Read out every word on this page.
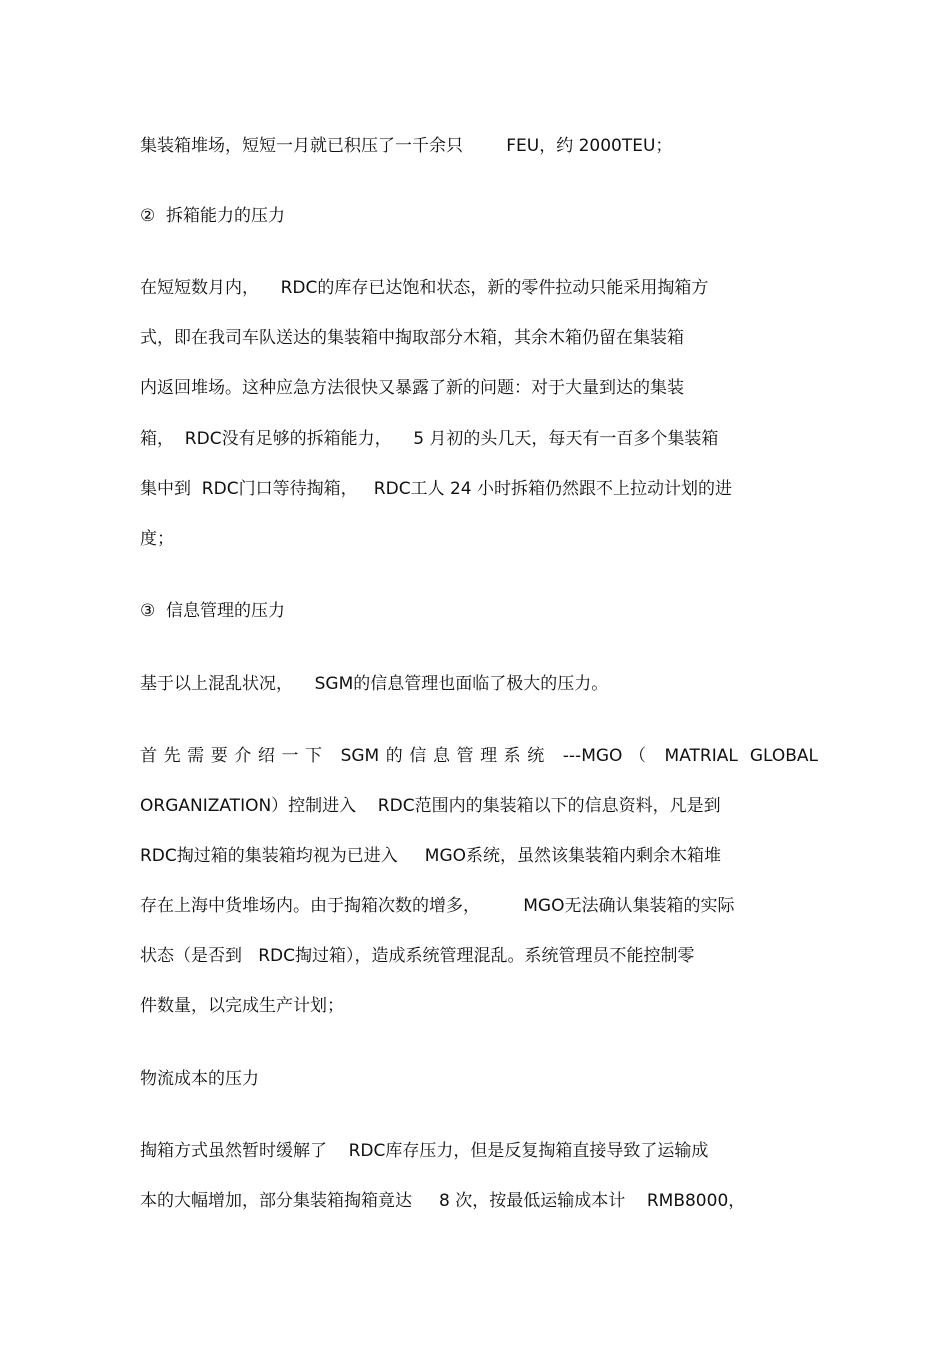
集装箱堆场，短短一月就已积压了一千余只        FEU，约 2000TEU；
②  拆箱能力的压力
在短短数月内，    RDC的库存已达饱和状态，新的零件拉动只能采用掏箱方
式，即在我司车队送达的集装箱中掏取部分木箱，其余木箱仍留在集装箱
内返回堆场。这种应急方法很快又暴露了新的问题：对于大量到达的集装
箱，  RDC没有足够的拆箱能力，    5 月初的头几天，每天有一百多个集装箱
集中到  RDC门口等待掏箱，   RDC工人 24 小时拆箱仍然跟不上拉动计划的进
度；
③  信息管理的压力
基于以上混乱状况，    SGM的信息管理也面临了极大的压力。
首先需要介绍一下 SGM的信息管理系统 ---MGO（ MATRIAL GLOBAL
ORGANIZATION）控制进入    RDC范围内的集装箱以下的信息资料，凡是到
RDC掏过箱的集装箱均视为已进入     MGO系统，虽然该集装箱内剩余木箱堆
存在上海中货堆场内。由于掏箱次数的增多，        MGO无法确认集装箱的实际
状态（是否到   RDC掏过箱），造成系统管理混乱。系统管理员不能控制零
件数量，以完成生产计划；
物流成本的压力
掏箱方式虽然暂时缓解了    RDC库存压力，但是反复掏箱直接导致了运输成
本的大幅增加，部分集装箱掏箱竟达     8 次，按最低运输成本计    RMB8000，
